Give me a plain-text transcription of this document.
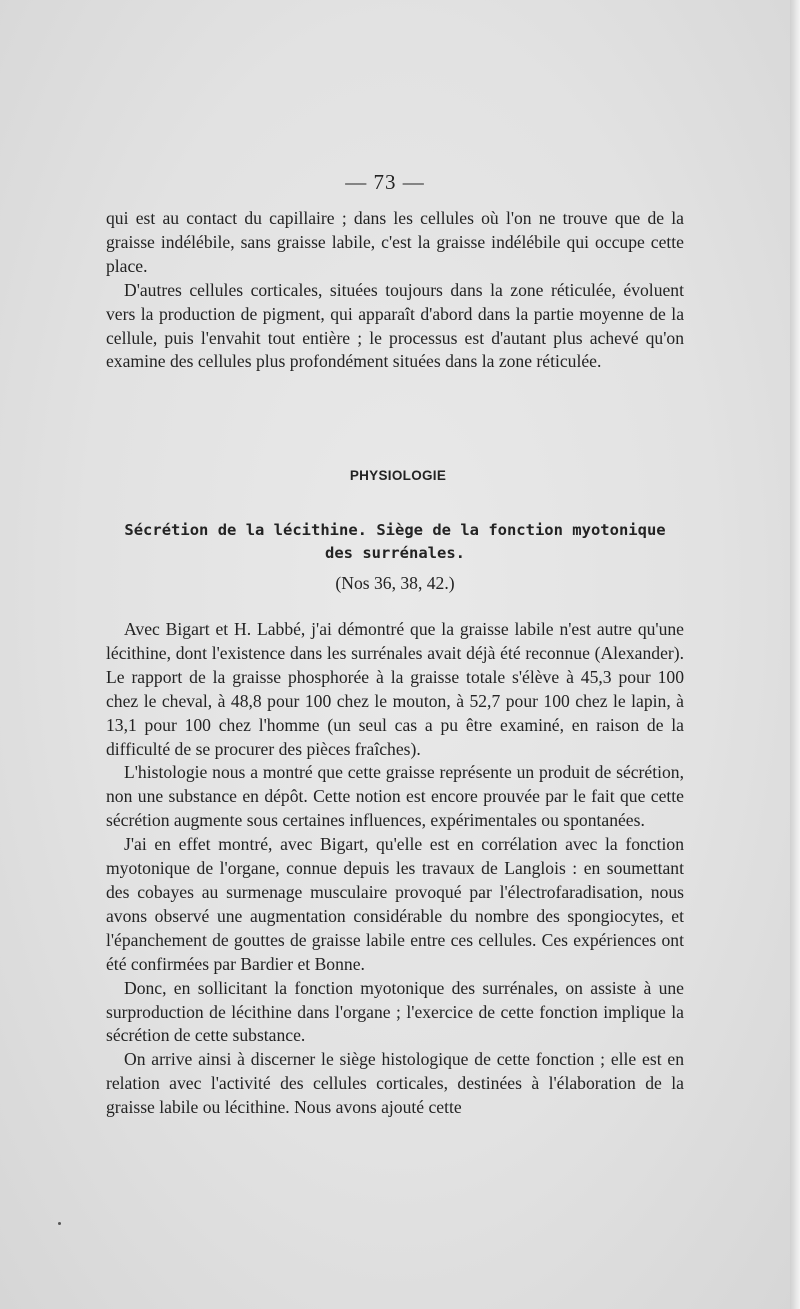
— 73 —

qui est au contact du capillaire ; dans les cellules où l'on ne trouve que de la graisse indélébile, sans graisse labile, c'est la graisse indélébile qui occupe cette place.

D'autres cellules corticales, situées toujours dans la zone réticulée, évoluent vers la production de pigment, qui apparaît d'abord dans la partie moyenne de la cellule, puis l'envahit tout entière ; le processus est d'autant plus achevé qu'on examine des cellules plus profondément situées dans la zone réticulée.

PHYSIOLOGIE
Sécrétion de la lécithine. Siège de la fonction myotonique
des surrénales.
(Nos 36, 38, 42.)

Avec Bigart et H. Labbé, j'ai démontré que la graisse labile n'est autre qu'une lécithine, dont l'existence dans les surrénales avait déjà été reconnue (Alexander). Le rapport de la graisse phosphorée à la graisse totale s'élève à 45,3 pour 100 chez le cheval, à 48,8 pour 100 chez le mouton, à 52,7 pour 100 chez le lapin, à 13,1 pour 100 chez l'homme (un seul cas a pu être examiné, en raison de la difficulté de se procurer des pièces fraîches).

L'histologie nous a montré que cette graisse représente un produit de sécrétion, non une substance en dépôt. Cette notion est encore prouvée par le fait que cette sécrétion augmente sous certaines influences, expérimentales ou spontanées.

J'ai en effet montré, avec Bigart, qu'elle est en corrélation avec la fonction myotonique de l'organe, connue depuis les travaux de Langlois : en soumettant des cobayes au surmenage musculaire provoqué par l'électrofaradisation, nous avons observé une augmentation considérable du nombre des spongiocytes, et l'épanchement de gouttes de graisse labile entre ces cellules. Ces expériences ont été confirmées par Bardier et Bonne.

Donc, en sollicitant la fonction myotonique des surrénales, on assiste à une surproduction de lécithine dans l'organe ; l'exercice de cette fonction implique la sécrétion de cette substance.

On arrive ainsi à discerner le siège histologique de cette fonction ; elle est en relation avec l'activité des cellules corticales, destinées à l'élaboration de la graisse labile ou lécithine. Nous avons ajouté cette
